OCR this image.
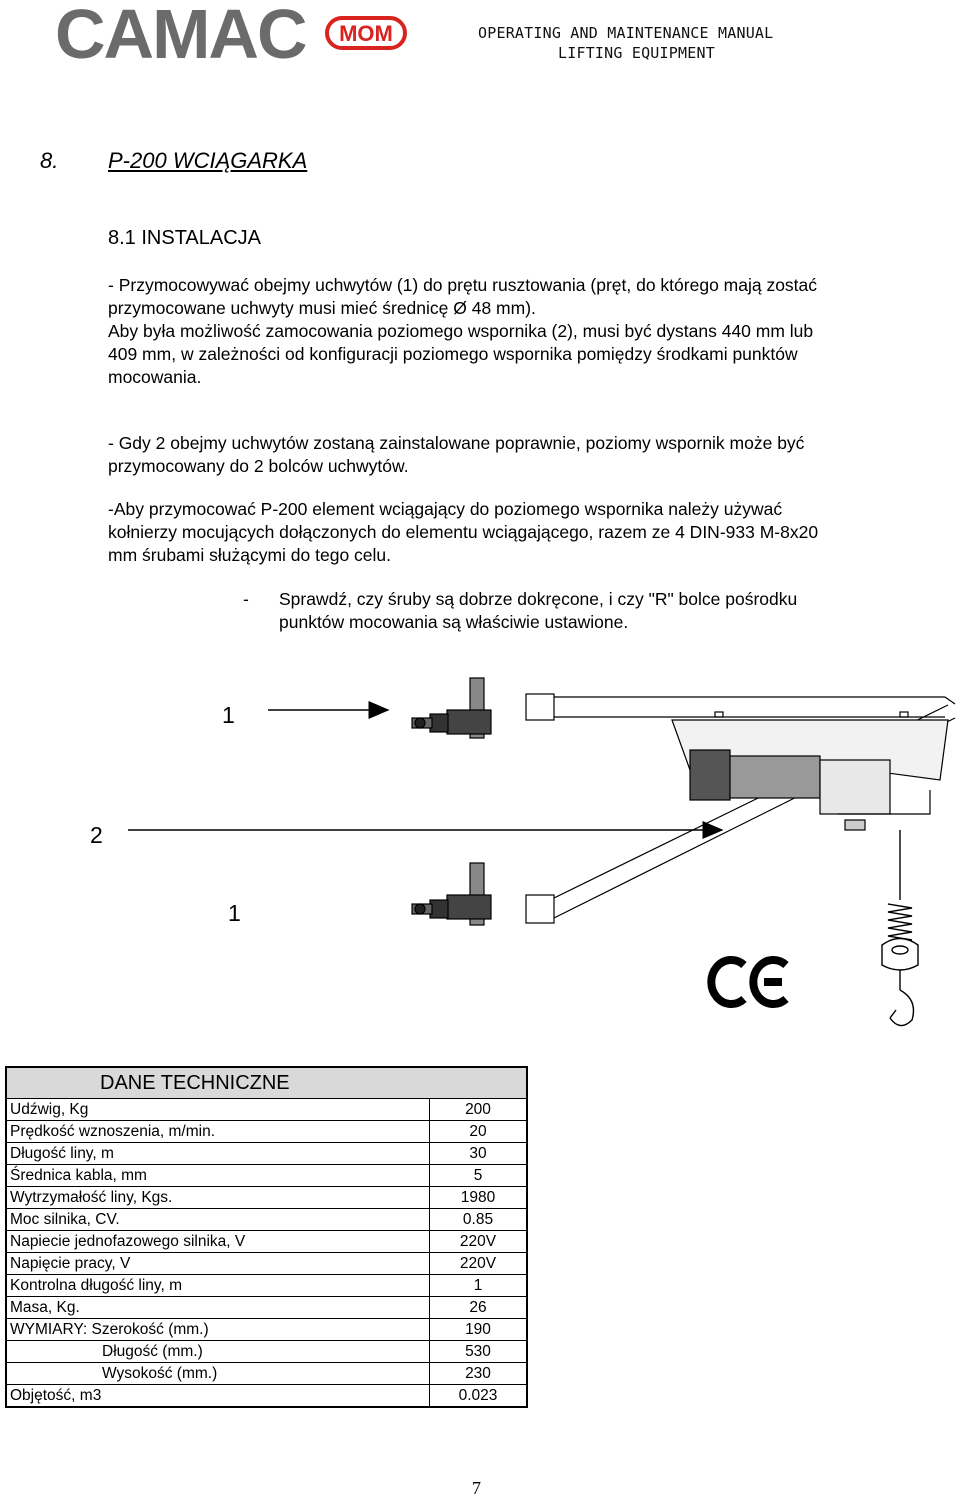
CAMAC MOM	OPERATING AND MAINTENANCE MANUAL
LIFTING EQUIPMENT
8. P-200 WCIĄGARKA
8.1 INSTALACJA
- Przymocowywać obejmy uchwytów (1) do prętu rusztowania (pręt, do którego mają zostać
przymocowane uchwyty musi mieć średnicę Ø 48 mm).
Aby była możliwość zamocowania poziomego wspornika (2), musi być dystans 440 mm lub
409 mm, w zależności od konfiguracji poziomego wspornika pomiędzy środkami punktów
mocowania.
- Gdy 2 obejmy uchwytów zostaną zainstalowane poprawnie, poziomy wspornik może być
przymocowany do 2 bolców uchwytów.
-Aby przymocować P-200 element wciągający do poziomego wspornika należy używać
kołnierzy mocujących dołączonych do elementu wciągającego, razem ze 4 DIN-933 M-8x20
mm śrubami służącymi do tego celu.
- Sprawdź, czy śruby są dobrze dokręcone, i czy "R" bolce pośrodku
punktów mocowania są właściwie ustawione.
1
2
1
DANE TECHNICZNE	
Udźwig, Kg	200
Prędkość wznoszenia, m/min.	20
Długość liny, m	30
Średnica kabla, mm	5
Wytrzymałość liny, Kgs.	1980
Moc silnika, CV.	0.85
Napiecie jednofazowego silnika, V	220V
Napięcie pracy, V	220V
Kontrolna długość liny, m	1
Masa, Kg.	26
WYMIARY: Szerokość (mm.)	190
Długość (mm.)	530
Wysokość (mm.)	230
Objętość, m3	0.023
7
